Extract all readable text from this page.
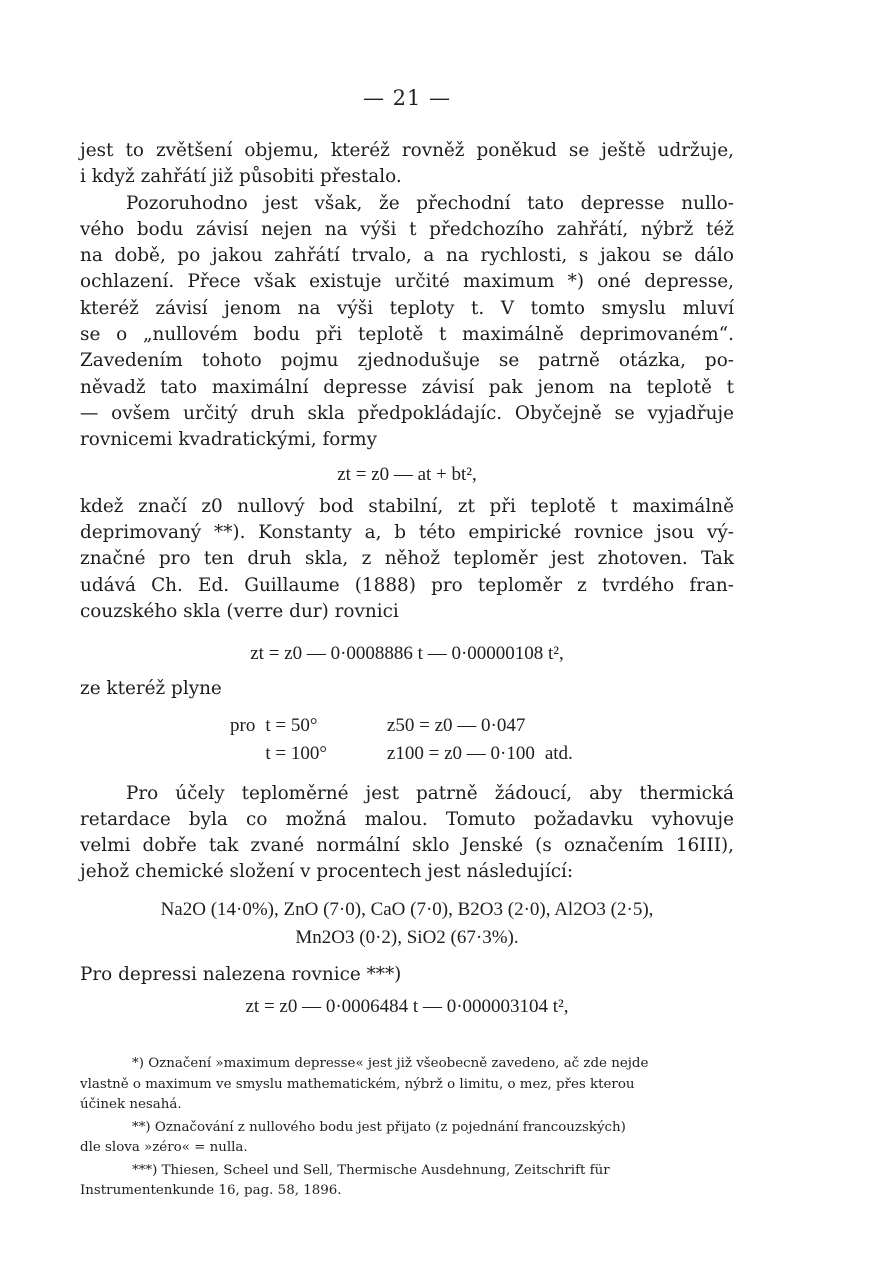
— 21 —

jest to zvětšení objemu, kteréž rovněž poněkud se ještě udržuje,
i když zahřátí již působiti přestalo.

Pozoruhodno jest však, že přechodní tato depresse nullo-
vého bodu závisí nejen na výši t předchozího zahřátí, nýbrž též
na době, po jakou zahřátí trvalo, a na rychlosti, s jakou se dálo
ochlazení. Přece však existuje určité maximum *) oné depresse,
kteréž závisí jenom na výši teploty t. V tomto smyslu mluví
se o „nullovém bodu při teplotě t maximálně deprimovaném“.
Zavedením tohoto pojmu zjednodušuje se patrně otázka, po-
něvadž tato maximální depresse závisí pak jenom na teplotě t
— ovšem určitý druh skla předpokládajíc. Obyčejně se vyjadřuje
rovnicemi kvadratickými, formy

zt = z0 — at + bt²,

kdež značí z0 nullový bod stabilní, zt při teplotě t maximálně
deprimovaný **). Konstanty a, b této empirické rovnice jsou vý-
značné pro ten druh skla, z něhož teploměr jest zhotoven. Tak
udává Ch. Ed. Guillaume (1888) pro teploměr z tvrdého fran-
couzského skla (verre dur) rovnici

zt = z0 — 0·0008886 t — 0·00000108 t²,

ze kteréž plyne

pro	t = 50°	z50 = z0 — 0·047	
	t = 100°	z100 = z0 — 0·100	atd.

Pro účely teploměrné jest patrně žádoucí, aby thermická
retardace byla co možná malou. Tomuto požadavku vyhovuje
velmi dobře tak zvané normální sklo Jenské (s označením 16III),
jehož chemické složení v procentech jest následující:

Na2O (14·0%), ZnO (7·0), CaO (7·0), B2O3 (2·0), Al2O3 (2·5),
Mn2O3 (0·2), SiO2 (67·3%).

Pro depressi nalezena rovnice ***)

zt = z0 — 0·0006484 t — 0·000003104 t²,

*) Označení »maximum depresse« jest již všeobecně zavedeno, ač zde nejde
vlastně o maximum ve smyslu mathematickém, nýbrž o limitu, o mez, přes kterou
účinek nesahá.

**) Označování z nullového bodu jest přijato (z pojednání francouzských)
dle slova »zéro« = nulla.

***) Thiesen, Scheel und Sell, Thermische Ausdehnung, Zeitschrift für
Instrumentenkunde 16, pag. 58, 1896.
